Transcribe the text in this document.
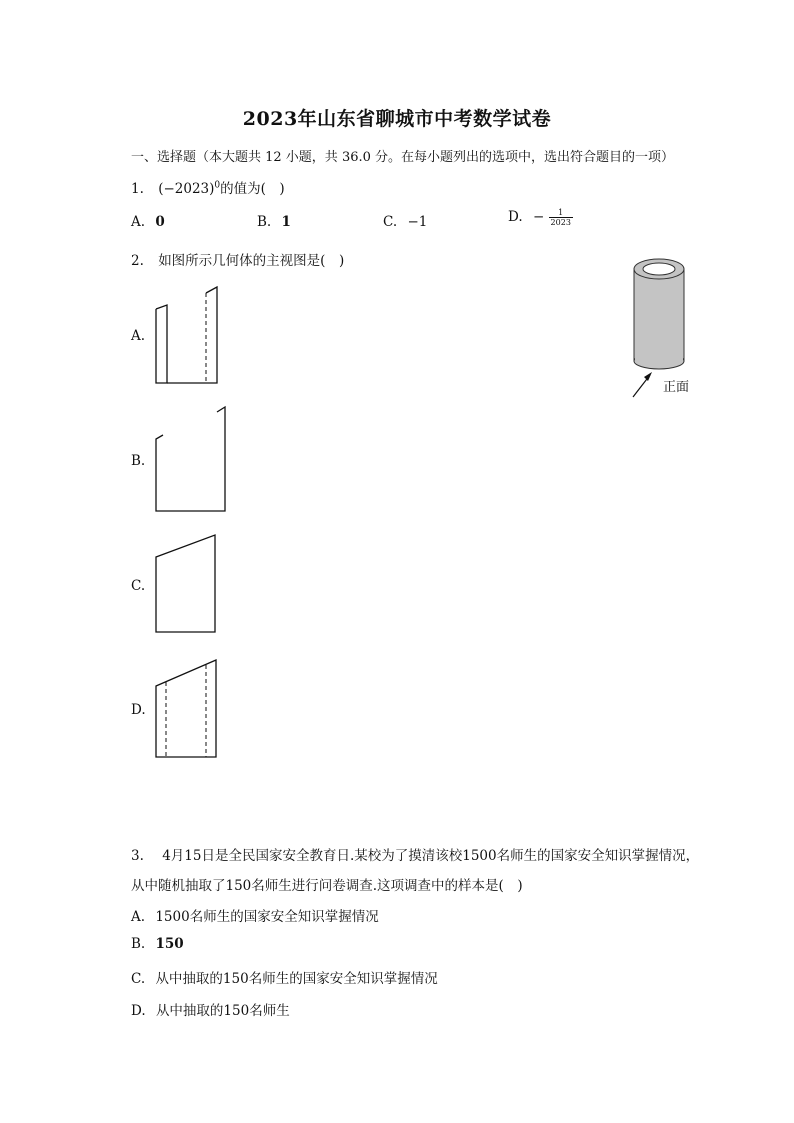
2023年山东省聊城市中考数学试卷
一、选择题（本大题共 12 小题，共 36.0 分。在每小题列出的选项中，选出符合题目的一项）
1. $(-2023)^0$的值为(　)
A. 0	B. 1	C. −1	D. − $\frac{1}{2023}$
2. 如图所示几何体的主视图是(　)
正面
A.
B.
C.
D.
3. 4月15日是全民国家安全教育日.某校为了摸清该校1500名师生的国家安全知识掌握情况，
从中随机抽取了150名师生进行问卷调查.这项调查中的样本是(　)
A. 1500名师生的国家安全知识掌握情况
B. 150
C. 从中抽取的150名师生的国家安全知识掌握情况
D. 从中抽取的150名师生
